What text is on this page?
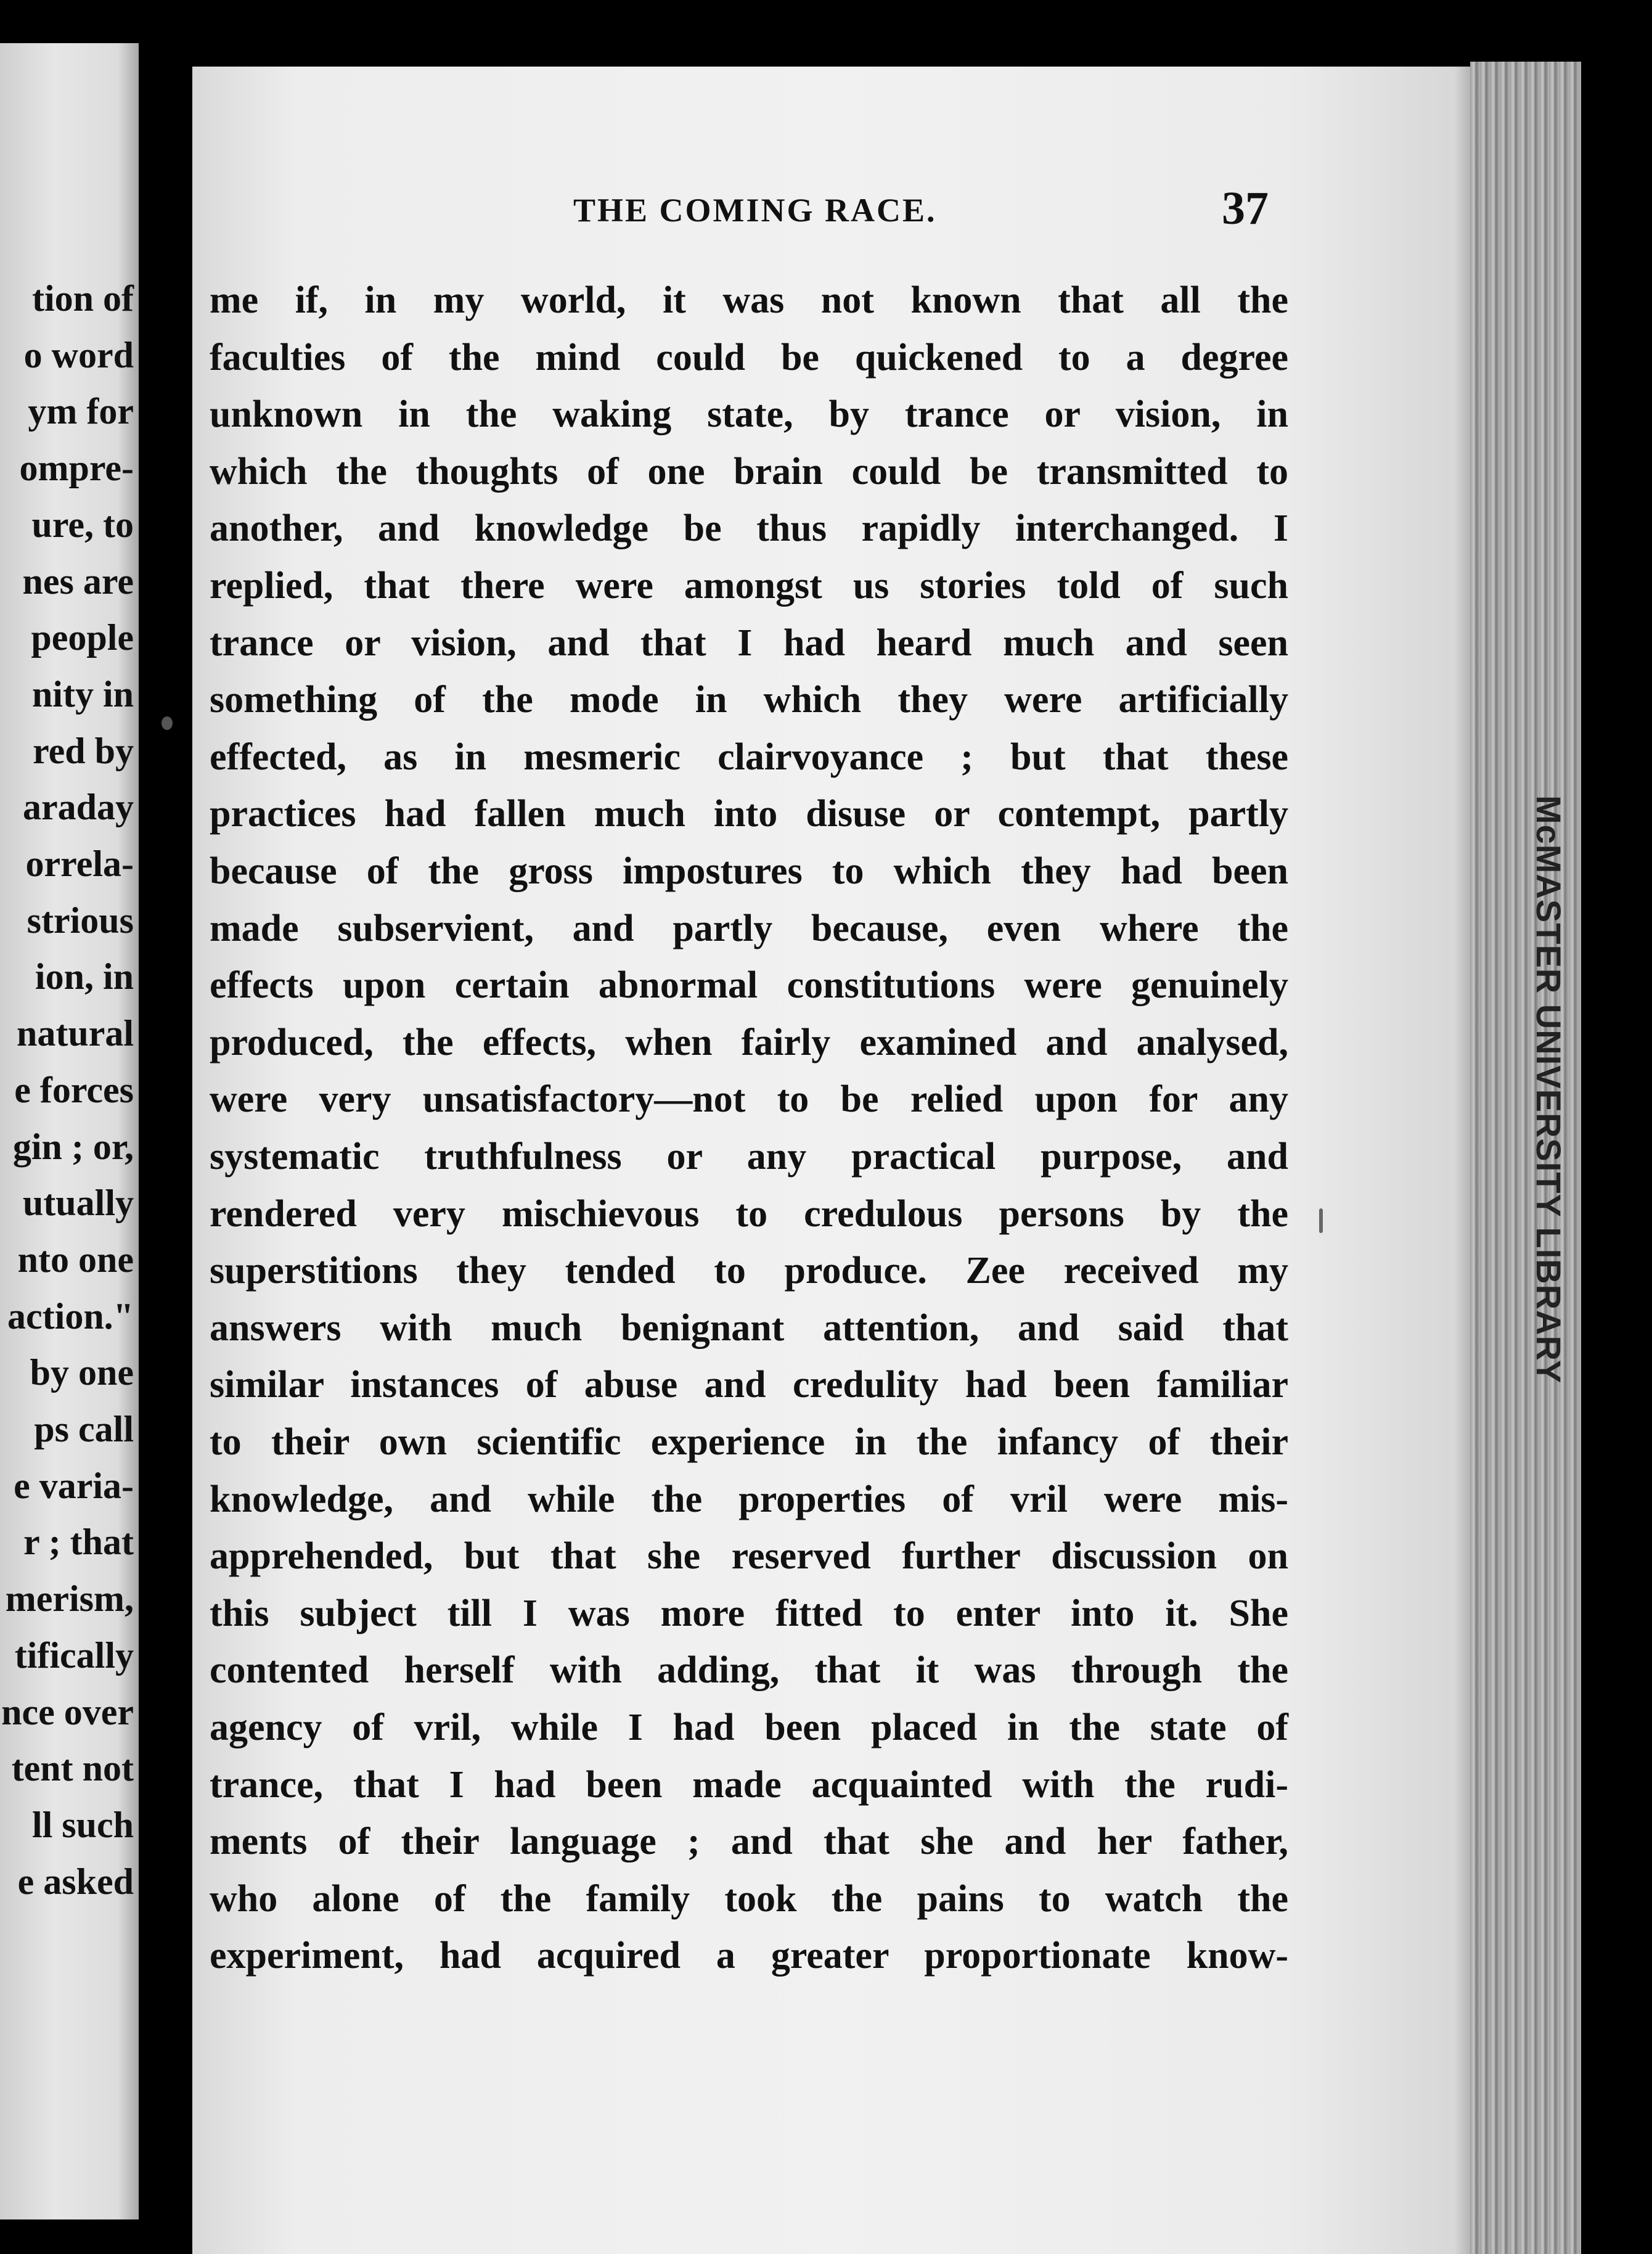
tion of
o word
ym for
ompre-
ure, to
nes are
people
nity in
red by
araday
orrela-
strious
ion, in
natural
e forces
gin ; or,
utually
nto one
action."
by one
ps call
e varia-
r ; that
merism,
tifically
nce over
tent not
ll such
e asked
THE COMING RACE.	37
me if, in my world, it was not known that all the
faculties of the mind could be quickened to a degree
unknown in the waking state, by trance or vision, in
which the thoughts of one brain could be transmitted to
another, and knowledge be thus rapidly interchanged. I
replied, that there were amongst us stories told of such
trance or vision, and that I had heard much and seen
something of the mode in which they were artificially
effected, as in mesmeric clairvoyance ; but that these
practices had fallen much into disuse or contempt, partly
because of the gross impostures to which they had been
made subservient, and partly because, even where the
effects upon certain abnormal constitutions were genuinely
produced, the effects, when fairly examined and analysed,
were very unsatisfactory—not to be relied upon for any
systematic truthfulness or any practical purpose, and
rendered very mischievous to credulous persons by the
superstitions they tended to produce. Zee received my
answers with much benignant attention, and said that
similar instances of abuse and credulity had been familiar
to their own scientific experience in the infancy of their
knowledge, and while the properties of vril were mis-
apprehended, but that she reserved further discussion on
this subject till I was more fitted to enter into it. She
contented herself with adding, that it was through the
agency of vril, while I had been placed in the state of
trance, that I had been made acquainted with the rudi-
ments of their language ; and that she and her father,
who alone of the family took the pains to watch the
experiment, had acquired a greater proportionate know-
McMASTER UNIVERSITY LIBRARY
